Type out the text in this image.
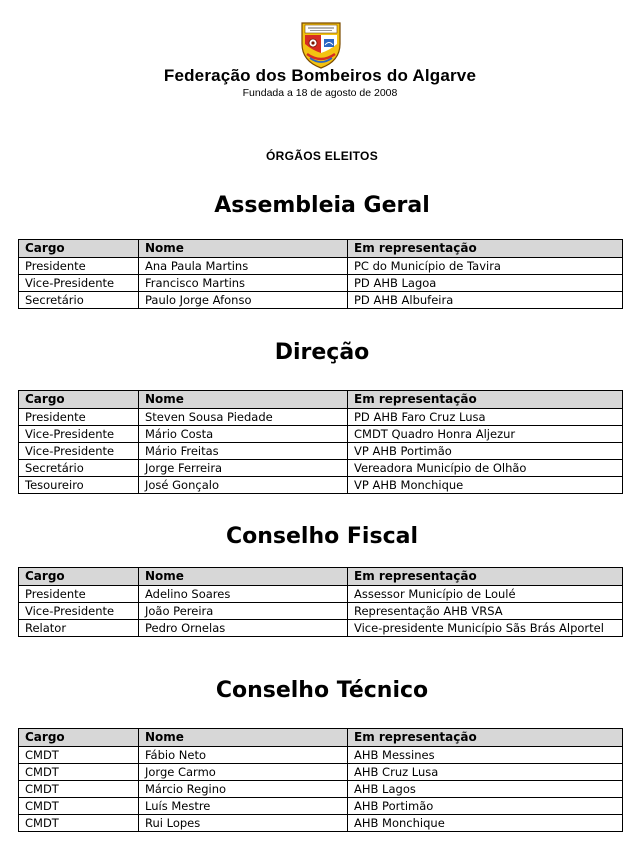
Federação dos Bombeiros do Algarve
Fundada a 18 de agosto de 2008
ÓRGÃOS ELEITOS
Assembleia Geral
Cargo	Nome	Em representação
Presidente	Ana Paula Martins	PC do Município de Tavira
Vice-Presidente	Francisco Martins	PD AHB Lagoa
Secretário	Paulo Jorge Afonso	PD AHB Albufeira
Direção
Cargo	Nome	Em representação
Presidente	Steven Sousa Piedade	PD AHB Faro Cruz Lusa
Vice-Presidente	Mário Costa	CMDT Quadro Honra Aljezur
Vice-Presidente	Mário Freitas	VP AHB Portimão
Secretário	Jorge Ferreira	Vereadora Município de Olhão
Tesoureiro	José Gonçalo	VP AHB Monchique
Conselho Fiscal
Cargo	Nome	Em representação
Presidente	Adelino Soares	Assessor Município de Loulé
Vice-Presidente	João Pereira	Representação AHB VRSA
Relator	Pedro Ornelas	Vice-presidente Município Sãs Brás Alportel
Conselho Técnico
Cargo	Nome	Em representação
CMDT	Fábio Neto	AHB Messines
CMDT	Jorge Carmo	AHB Cruz Lusa
CMDT	Márcio Regino	AHB Lagos
CMDT	Luís Mestre	AHB Portimão
CMDT	Rui Lopes	AHB Monchique
